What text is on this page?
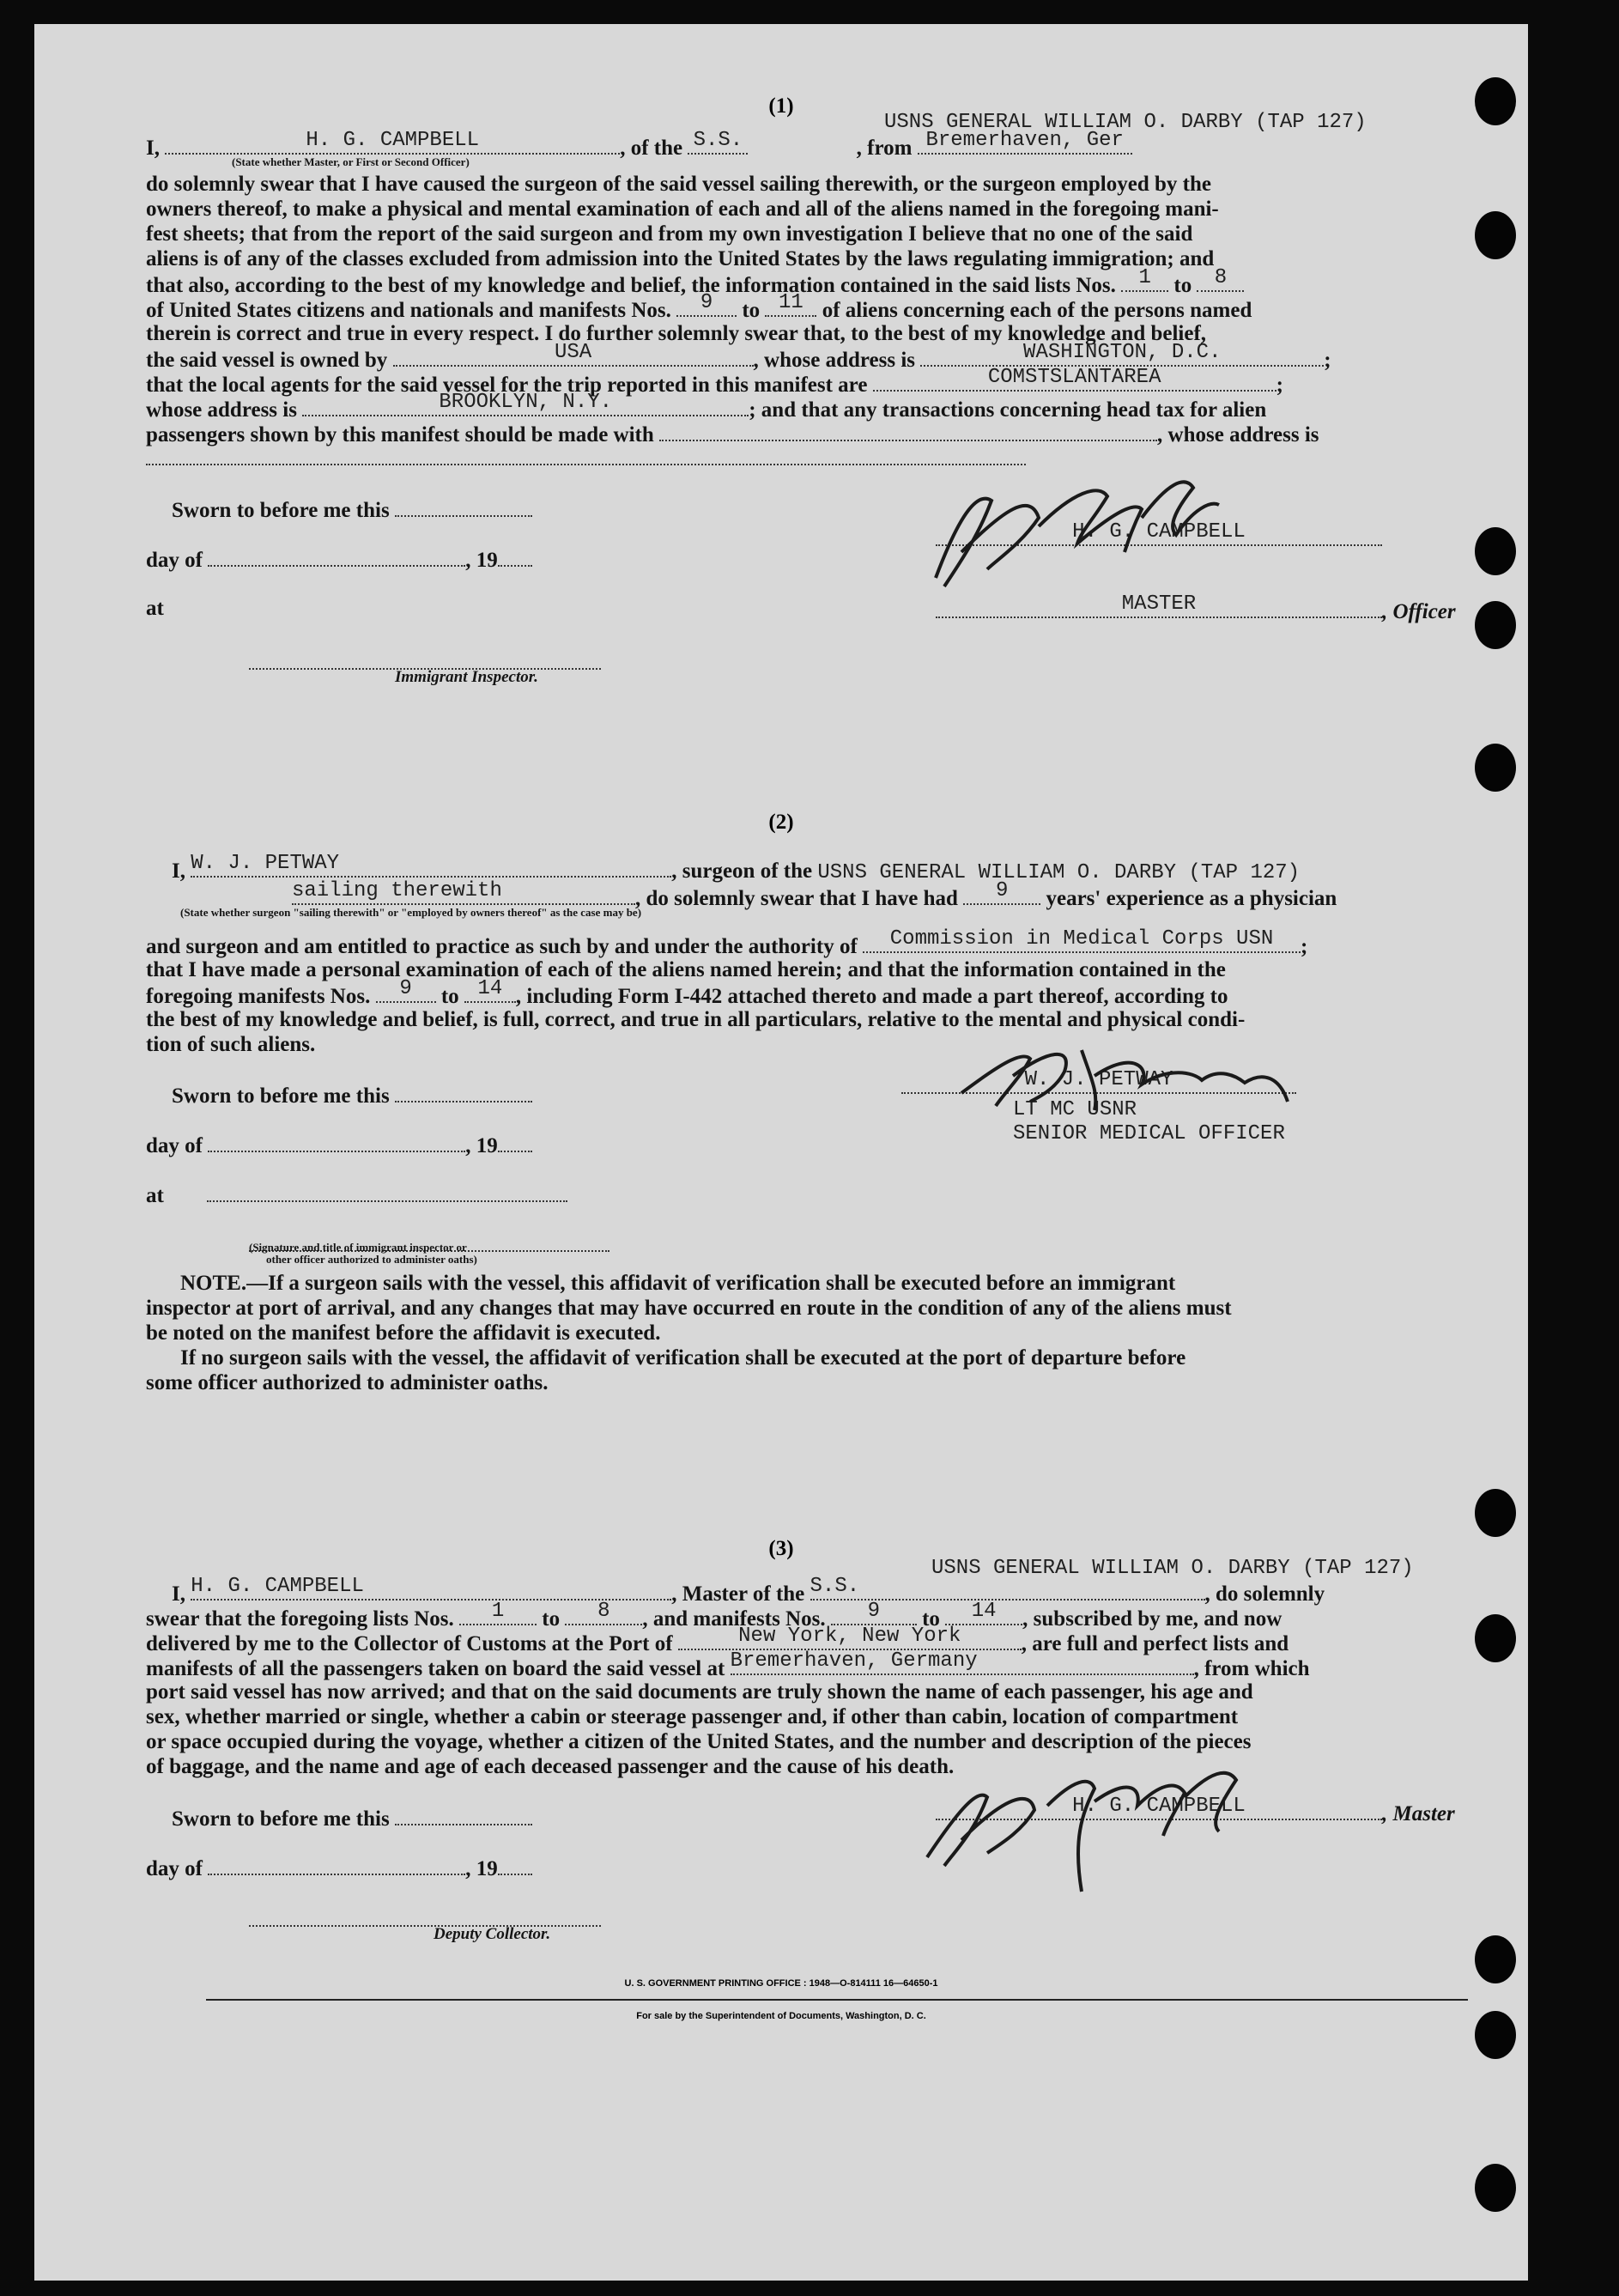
(1)
USNS GENERAL WILLIAM O. DARBY (TAP 127)
I,	H. G. CAMPBELL	, of the S.S.	, from Bremerhaven, Ger
(State whether Master, or First or Second Officer)
do solemnly swear that I have caused the surgeon of the said vessel sailing therewith, or the surgeon employed by the
owners thereof, to make a physical and mental examination of each and all of the aliens named in the foregoing mani-
fest sheets; that from the report of the said surgeon and from my own investigation I believe that no one of the said
aliens is of any of the classes excluded from admission into the United States by the laws regulating immigration; and
that also, according to the best of my knowledge and belief, the information contained in the said lists Nos.	1	to	8
of United States citizens and nationals and manifests Nos.	9	to 11 of aliens concerning each of the persons named
therein is correct and true in every respect. I do further solemnly swear that, to the best of my knowledge and belief,
the said vessel is owned by	USA	, whose address is	WASHINGTON, D.C.	;
that the local agents for the said vessel for the trip reported in this manifest are	COMSTSLANTAREA	;
whose address is	BROOKLYN, N.Y.	; and that any transactions concerning head tax for alien
passengers shown by this manifest should be made with	, whose address is
Sworn to before me this
day of	, 19
at
Immigrant Inspector.
H. G. CAMPBELL
MASTER	, Officer
(2)
I, W. J. PETWAY	, surgeon of the USNS GENERAL WILLIAM O. DARBY (TAP 127)
sailing therewith	, do solemnly swear that I have had	9	years' experience as a physician
(State whether surgeon "sailing therewith" or "employed by owners thereof" as the case may be)
and surgeon and am entitled to practice as such by and under the authority of	Commission in Medical Corps USN	;
that I have made a personal examination of each of the aliens named herein; and that the information contained in the
foregoing manifests Nos.	9	to 14 , including Form I-442 attached thereto and made a part thereof, according to
the best of my knowledge and belief, is full, correct, and true in all particulars, relative to the mental and physical condi-
tion of such aliens.
Sworn to before me this
day of	, 19
at
(Signature and title of immigrant inspector or
other officer authorized to administer oaths)
NOTE.—If a surgeon sails with the vessel, this affidavit of verification shall be executed before an immigrant
inspector at port of arrival, and any changes that may have occurred en route in the condition of any of the aliens must
be noted on the manifest before the affidavit is executed.
If no surgeon sails with the vessel, the affidavit of verification shall be executed at the port of departure before
some officer authorized to administer oaths.
W. J. PETWAY
LT MC USNR
SENIOR MEDICAL OFFICER
(3)
USNS GENERAL WILLIAM O. DARBY (TAP 127)
I, H. G. CAMPBELL	, Master of the S.S.	, do solemnly
swear that the foregoing lists Nos.	1	to	8	, and manifests Nos.	9	to	14	, subscribed by me, and now
delivered by me to the Collector of Customs at the Port of	New York, New York	, are full and perfect lists and
manifests of all the passengers taken on board the said vessel at Bremerhaven, Germany	, from which
port said vessel has now arrived; and that on the said documents are truly shown the name of each passenger, his age and
sex, whether married or single, whether a cabin or steerage passenger and, if other than cabin, location of compartment
or space occupied during the voyage, whether a citizen of the United States, and the number and description of the pieces
of baggage, and the name and age of each deceased passenger and the cause of his death.
Sworn to before me this
day of	, 19
Deputy Collector.
H. G. CAMPBELL	, Master
U. S. GOVERNMENT PRINTING OFFICE : 1948—O-814111 16—64650-1
For sale by the Superintendent of Documents, Washington, D. C.
